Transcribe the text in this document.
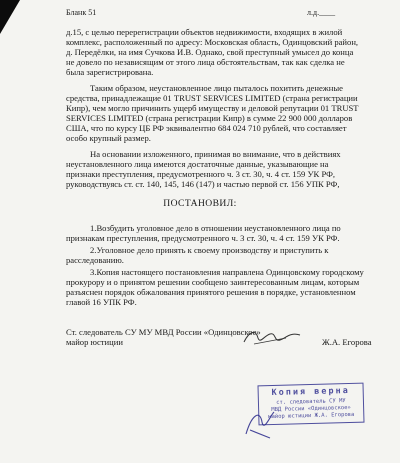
Бланк 51	л.д.____
д.15, с целью перерегистрации объектов недвижимости, входящих в жилой
комплекс, расположенный по адресу: Московская область, Одинцовский район,
д. Передёлки, на имя Сучкова И.В. Однако, свой преступный умысел до конца
не довело по независящим от этого лица обстоятельствам, так как сделка не
была зарегистрирована.
Таким образом, неустановленное лицо пыталось похитить денежные
средства, принадлежащие 01 TRUST SERVICES LIMITED (страна регистрации
Кипр), чем могло причинить ущерб имуществу и деловой репутации 01 TRUST
SERVICES LIMITED (страна регистрации Кипр) в сумме 22 900 000 долларов
США, что по курсу ЦБ РФ эквивалентно 684 024 710 рублей, что составляет
особо крупный размер.
На основании изложенного, принимая во внимание, что в действиях
неустановленного лица имеются достаточные данные, указывающие на
признаки преступления, предусмотренного ч. 3 ст. 30, ч. 4 ст. 159 УК РФ,
руководствуясь ст. ст. 140, 145, 146 (147) и частью первой ст. 156 УПК РФ,
ПОСТАНОВИЛ:
1.Возбудить уголовное дело в отношении неустановленного лица по
признакам преступления, предусмотренного ч. 3 ст. 30, ч. 4 ст. 159 УК РФ.
2.Уголовное дело принять к своему производству и приступить к
расследованию.
3.Копия настоящего постановления направлена Одинцовскому городскому
прокурору и о принятом решении сообщено заинтересованным лицам, которым
разъяснен порядок обжалования принятого решения в порядке, установленном
главой 16 УПК РФ.
Ст. следователь СУ МУ МВД России «Одинцовское»
майор юстиции	Ж.А. Егорова
Копия верна
ст. следователь СУ МУ
МВД России «Одинцовское»
майор юстиции Ж.А. Егорова
